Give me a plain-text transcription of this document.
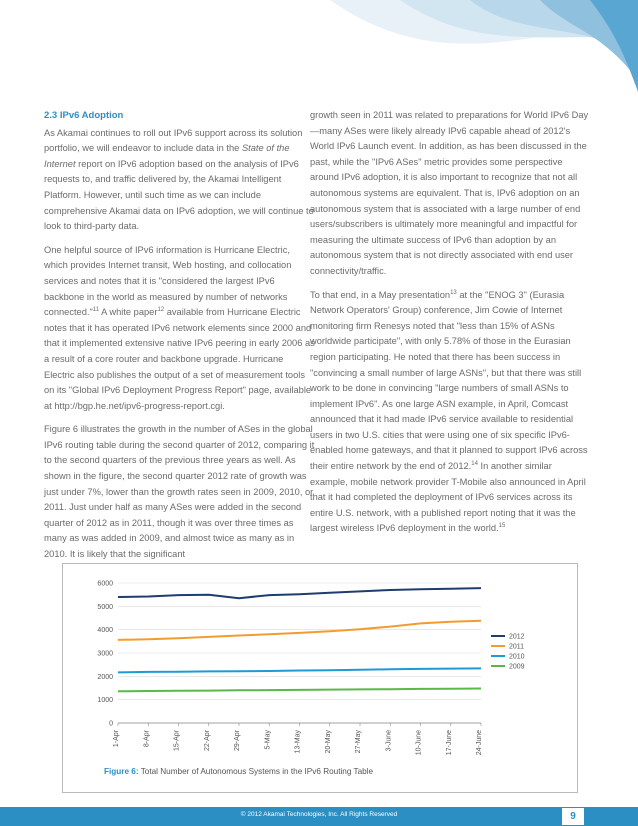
2.3 IPv6 Adoption

As Akamai continues to roll out IPv6 support across its solution portfolio, we will endeavor to include data in the State of the Internet report on IPv6 adoption based on the analysis of IPv6 requests to, and traffic delivered by, the Akamai Intelligent Platform. However, until such time as we can include comprehensive Akamai data on IPv6 adoption, we will continue to look to third-party data.

One helpful source of IPv6 information is Hurricane Electric, which provides Internet transit, Web hosting, and collocation services and notes that it is "considered the largest IPv6 backbone in the world as measured by number of networks connected."$^{11}$ A white paper$^{12}$ available from Hurricane Electric notes that it has operated IPv6 network elements since 2000 and that it implemented extensive native IPv6 peering in early 2006 as a result of a core router and backbone upgrade. Hurricane Electric also publishes the output of a set of measurement tools on its "Global IPv6 Deployment Progress Report" page, available at http://bgp.he.net/ipv6-progress-report.cgi.

Figure 6 illustrates the growth in the number of ASes in the global IPv6 routing table during the second quarter of 2012, comparing it to the second quarters of the previous three years as well. As shown in the figure, the second quarter 2012 rate of growth was just under 7%, lower than the growth rates seen in 2009, 2010, or 2011. Just under half as many ASes were added in the second quarter of 2012 as in 2011, though it was over three times as many as was added in 2009, and almost twice as many as in 2010. It is likely that the significant

growth seen in 2011 was related to preparations for World IPv6 Day—many ASes were likely already IPv6 capable ahead of 2012's World IPv6 Launch event. In addition, as has been discussed in the past, while the "IPv6 ASes" metric provides some perspective around IPv6 adoption, it is also important to recognize that not all autonomous systems are equivalent. That is, IPv6 adoption on an autonomous system that is associated with a large number of end users/subscribers is ultimately more meaningful and impactful for measuring the ultimate success of IPv6 than adoption by an autonomous system that is not directly associated with end user connectivity/traffic.

To that end, in a May presentation$^{13}$ at the "ENOG 3" (Eurasia Network Operators' Group) conference, Jim Cowie of Internet monitoring firm Renesys noted that "less than 15% of ASNs worldwide participate", with only 5.78% of those in the Eurasian region participating. He noted that there has been success in "convincing a small number of large ASNs", but that there was still work to be done in convincing "large numbers of small ASNs to implement IPv6". As one large ASN example, in April, Comcast announced that it had made IPv6 service available to residential users in two U.S. cities that were using one of six specific IPv6-enabled home gateways, and that it planned to support IPv6 across their entire network by the end of 2012.14 In another similar example, mobile network provider T-Mobile also announced in April that it had completed the deployment of IPv6 services across its entire U.S. network, with a published report noting that it was the largest wireless IPv6 deployment in the world.$^{15}$

0
1000
2000
3000
4000
5000
6000
1-Apr	8-Apr	15-Apr	22-Apr	29-Apr	5-May	13-May	20-May	27-May	3-June	10-June	17-June	24-June
2012
2011
2010
2009
Figure 6: Total Number of Autonomous Systems in the IPv6 Routing Table
© 2012 Akamai Technologies, Inc. All Rights Reserved	9
